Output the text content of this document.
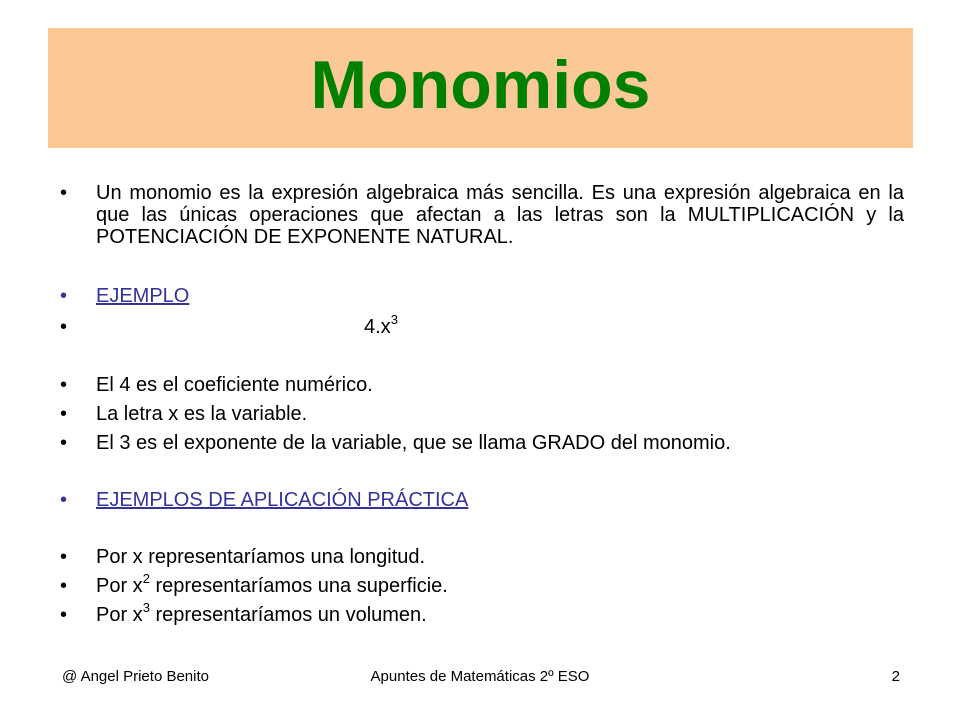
Monomios
•	Un monomio es la expresión algebraica más sencilla. Es una expresión algebraica en la que las únicas operaciones que afectan a las letras son la MULTIPLICACIÓN y la POTENCIACIÓN DE EXPONENTE NATURAL.
•	EJEMPLO
•	$4.x^3$
•	El 4 es el coeficiente numérico.
•	La letra x es la variable.
•	El 3 es el exponente de la variable, que se llama GRADO del monomio.
•	EJEMPLOS DE APLICACIÓN PRÁCTICA
•	Por x representaríamos una longitud.
•	Por $x^2$ representaríamos una superficie.
•	Por $x^3$ representaríamos un volumen.
@ Angel Prieto Benito	Apuntes de Matemáticas 2º ESO	2
